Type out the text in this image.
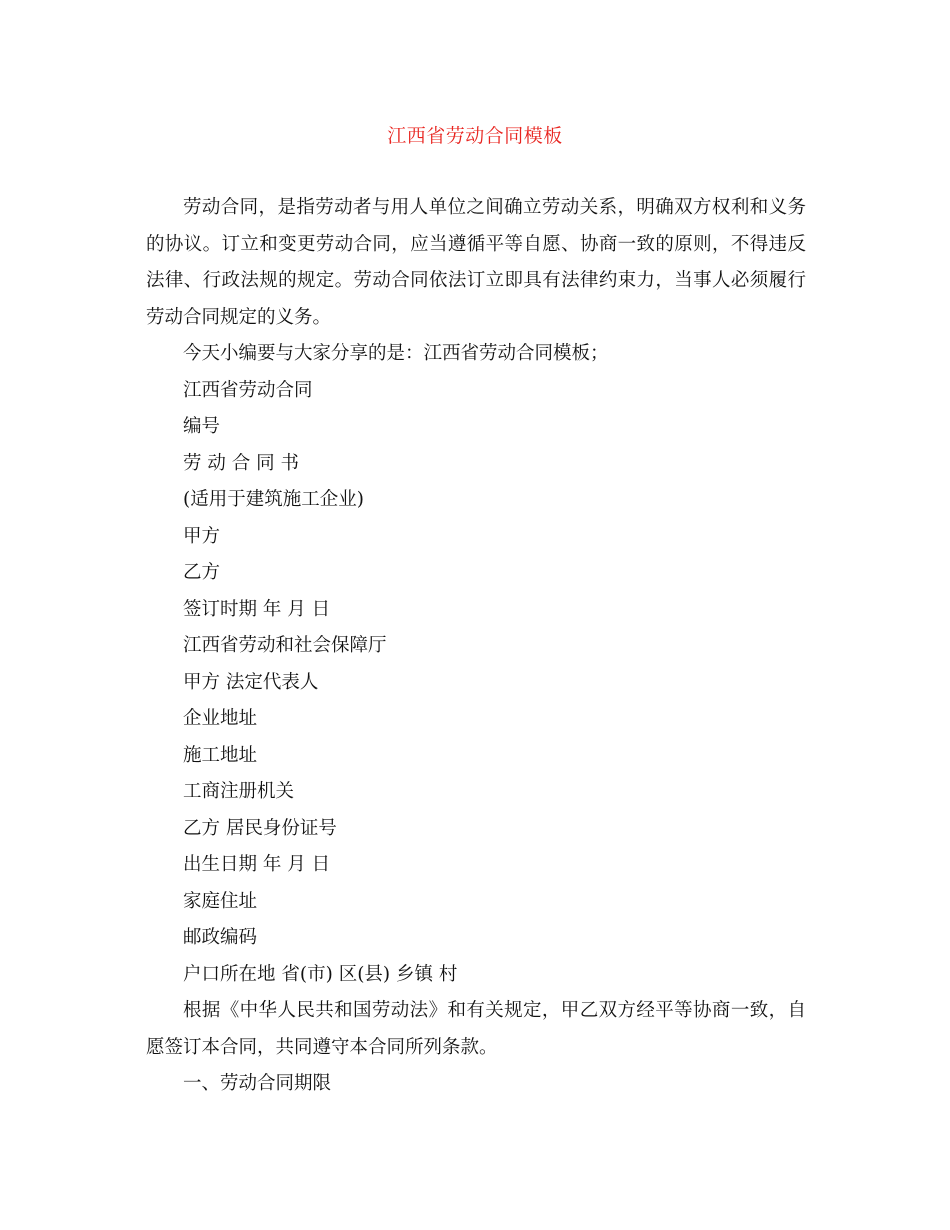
江西省劳动合同模板

劳动合同，是指劳动者与用人单位之间确立劳动关系，明确双方权利和义务的协议。订立和变更劳动合同，应当遵循平等自愿、协商一致的原则，不得违反法律、行政法规的规定。劳动合同依法订立即具有法律约束力，当事人必须履行劳动合同规定的义务。

今天小编要与大家分享的是：江西省劳动合同模板；

江西省劳动合同

编号

劳 动 合 同 书

(适用于建筑施工企业)

甲方

乙方

签订时期 年 月 日

江西省劳动和社会保障厅

甲方 法定代表人

企业地址

施工地址

工商注册机关

乙方 居民身份证号

出生日期 年 月 日

家庭住址

邮政编码

户口所在地 省(市) 区(县) 乡镇 村

根据《中华人民共和国劳动法》和有关规定，甲乙双方经平等协商一致，自愿签订本合同，共同遵守本合同所列条款。

一、劳动合同期限
